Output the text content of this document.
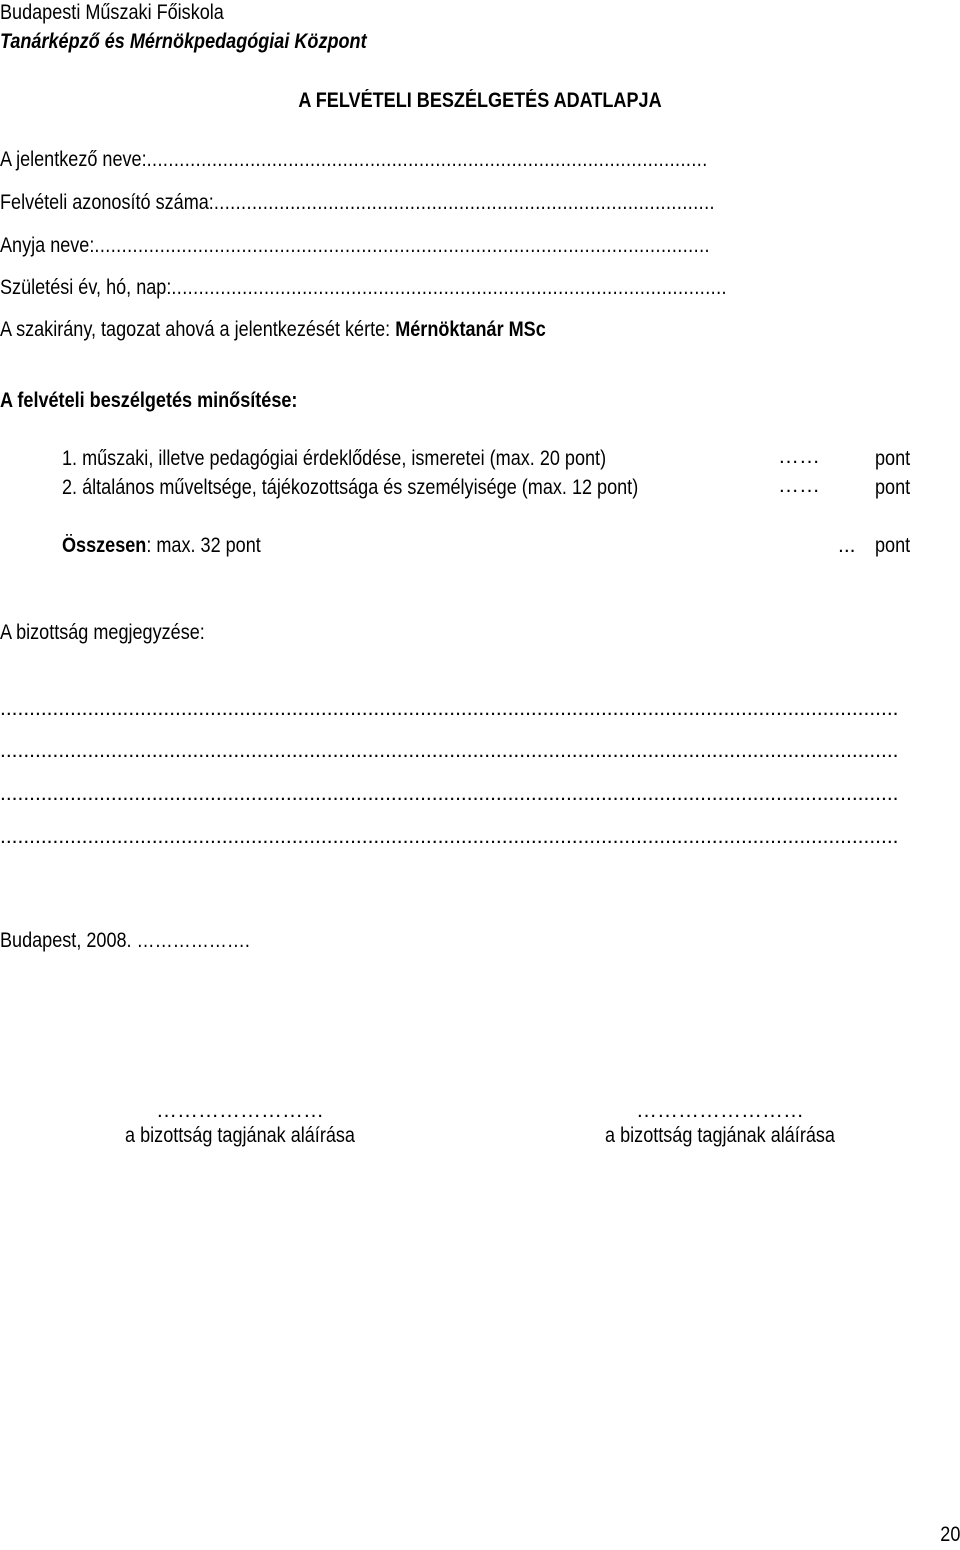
Budapesti Műszaki Főiskola
Tanárképző és Mérnökpedagógiai Központ
A FELVÉTELI BESZÉLGETÉS ADATLAPJA
A jelentkező neve:.......................................................................................................
Felvételi azonosító száma:............................................................................................
Anyja neve:.................................................................................................................
Születési év, hó, nap:......................................................................................................
A szakirány, tagozat ahová a jelentkezését kérte: Mérnöktanár MSc
A felvételi beszélgetés minősítése:
1. műszaki, illetve pedagógiai érdeklődése, ismeretei (max. 20 pont)	……	pont
2. általános műveltsége, tájékozottsága és személyisége (max. 12 pont)	……	pont
Összesen: max. 32 pont	... pont
A bizottság megjegyzése:
..........................................................................................................................................................
..........................................................................................................................................................
..........................................................................................................................................................
..........................................................................................................................................................
Budapest, 2008. ……………….
……………………
a bizottság tagjának aláírása
……………………
a bizottság tagjának aláírása
20
